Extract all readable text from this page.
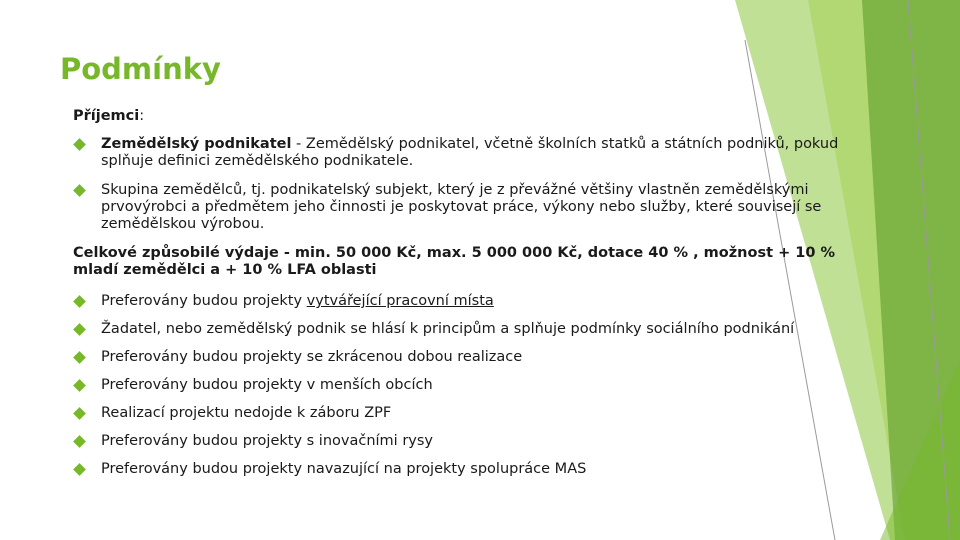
Podmínky
Příjemci:
Zemědělský podnikatel - Zemědělský podnikatel, včetně školních statků a státních podniků, pokud splňuje definici zemědělského podnikatele.
Skupina zemědělců, tj. podnikatelský subjekt, který je z převážné většiny vlastněn zemědělskými prvovýrobci a předmětem jeho činnosti je poskytovat práce, výkony nebo služby, které souvisejí se zemědělskou výrobou.
Celkové způsobilé výdaje - min. 50 000 Kč, max. 5 000 000 Kč, dotace 40 % , možnost + 10 % mladí zemědělci a + 10 % LFA oblasti
Preferovány budou projekty vytvářející pracovní místa
Žadatel, nebo zemědělský podnik se hlásí k principům a splňuje podmínky sociálního podnikání
Preferovány budou projekty se zkrácenou dobou realizace
Preferovány budou projekty v menších obcích
Realizací projektu nedojde k záboru ZPF
Preferovány budou projekty s inovačními rysy
Preferovány budou projekty navazující na projekty spolupráce MAS
